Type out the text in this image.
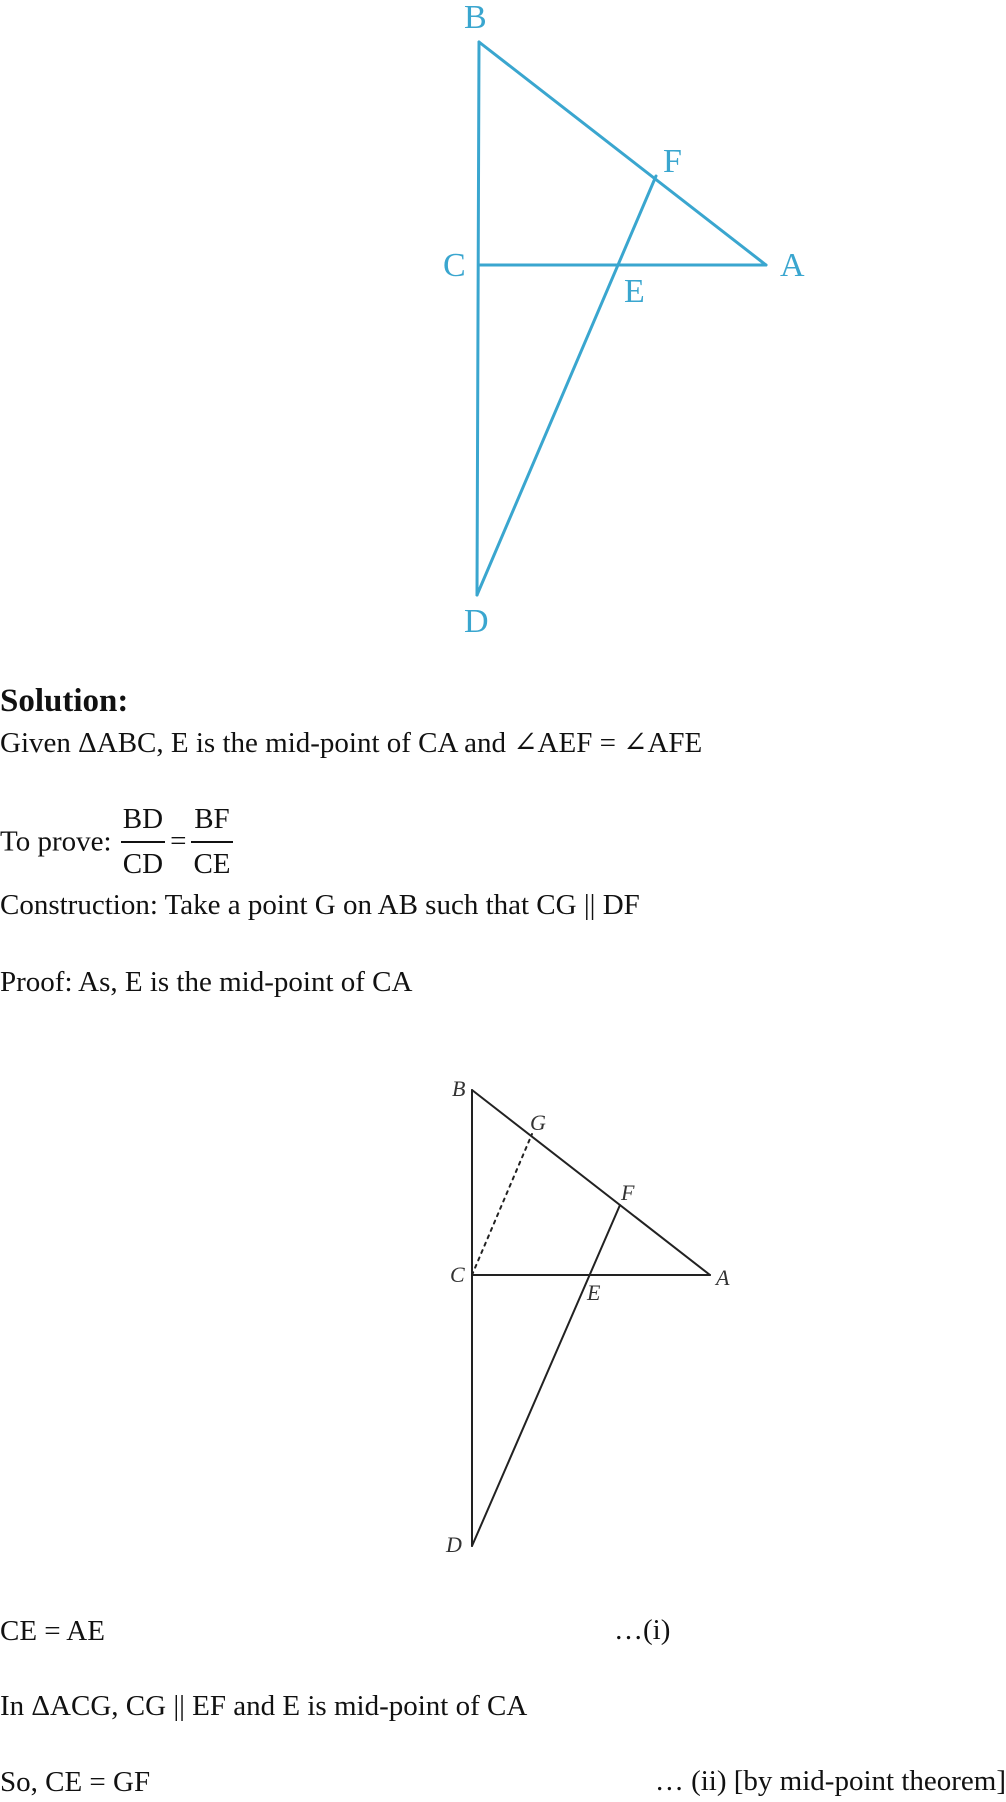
B
F
C	A
E
D
Solution:
Given ΔABC, E is the mid-point of CA and ∠AEF = ∠AFE
To prove: $\frac{BD}{CD} = \frac{BF}{CE}$
Construction: Take a point G on AB such that CG || DF
Proof: As, E is the mid-point of CA
B
G
F
C	A
E
D
CE = AE	…(i)
In ΔACG, CG || EF and E is mid-point of CA
So, CE = GF	… (ii) [by mid-point theorem]
